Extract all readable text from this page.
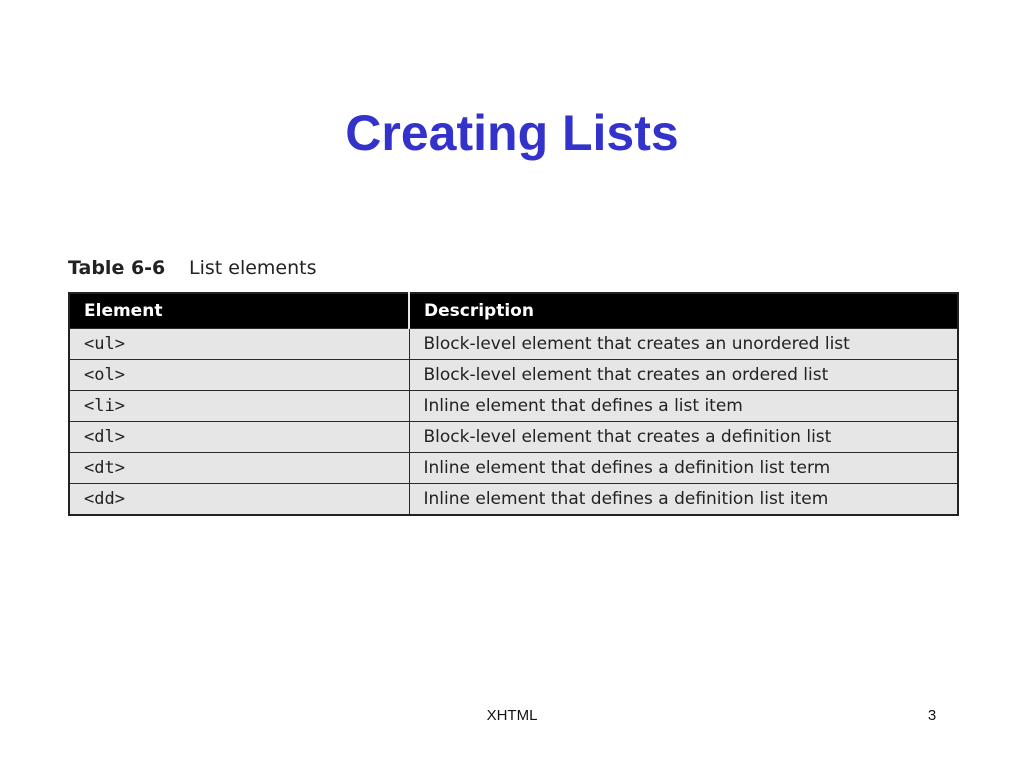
Creating Lists
Table 6-6 List elements
Element	Description
<ul>	Block-level element that creates an unordered list
<ol>	Block-level element that creates an ordered list
<li>	Inline element that defines a list item
<dl>	Block-level element that creates a definition list
<dt>	Inline element that defines a definition list term
<dd>	Inline element that defines a definition list item
XHTML	3
